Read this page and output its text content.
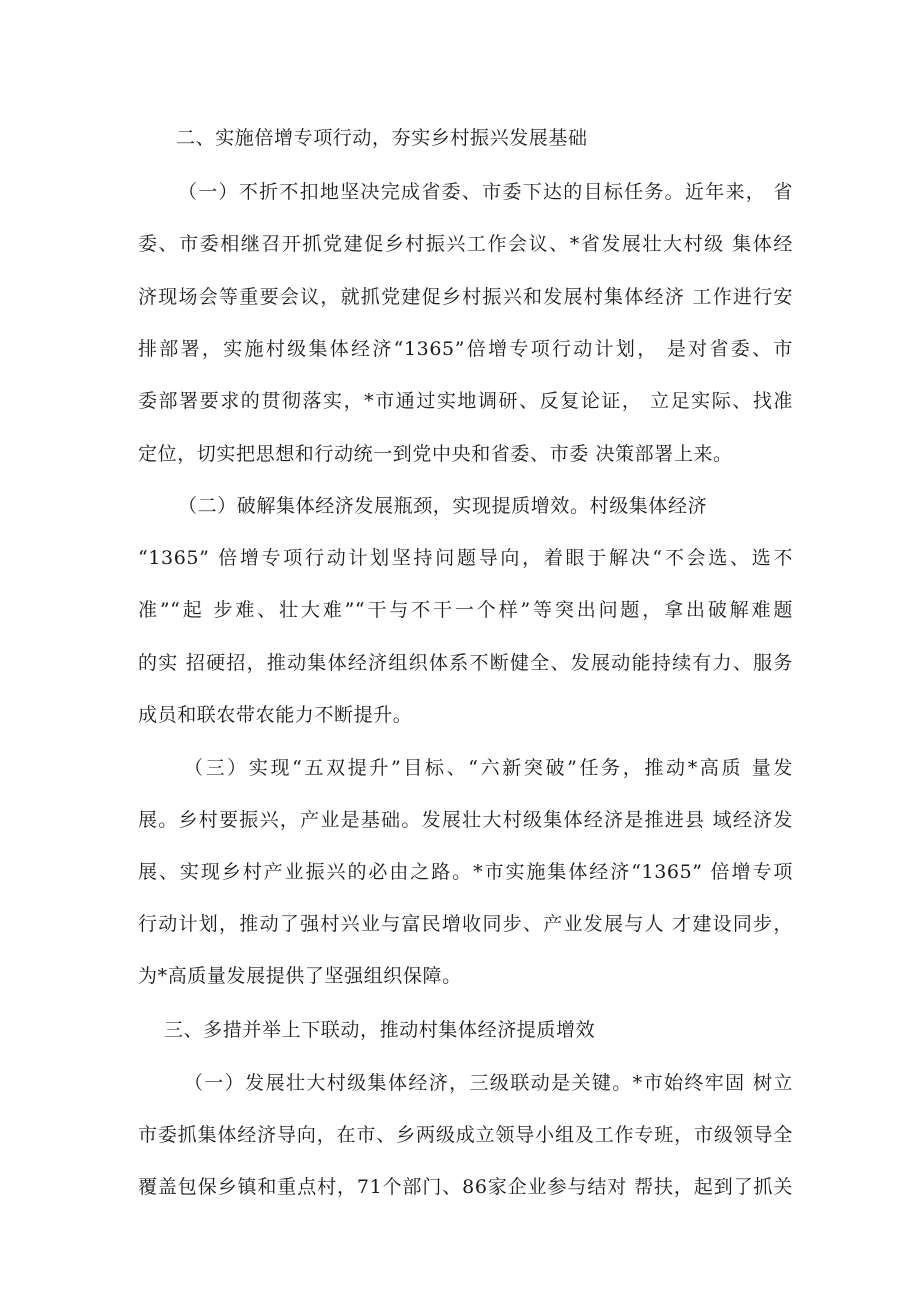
二、实施倍增专项行动，夯实乡村振兴发展基础
（一）不折不扣地坚决完成省委、市委下达的目标任务。近年来， 省
委、市委相继召开抓党建促乡村振兴工作会议、*省发展壮大村级 集体经
济现场会等重要会议，就抓党建促乡村振兴和发展村集体经济 工作进行安
排部署，实施村级集体经济“1365”倍增专项行动计划， 是对省委、市
委部署要求的贯彻落实，*市通过实地调研、反复论证， 立足实际、找准
定位，切实把思想和行动统一到党中央和省委、市委 决策部署上来。
（二）破解集体经济发展瓶颈，实现提质增效。村级集体经济
“1365” 倍增专项行动计划坚持问题导向，着眼于解决“不会选、选不
准”“起 步难、壮大难”“干与不干一个样”等突出问题，拿出破解难题
的实 招硬招，推动集体经济组织体系不断健全、发展动能持续有力、服务
成员和联农带农能力不断提升。
（三）实现“五双提升”目标、“六新突破”任务，推动*高质 量发
展。乡村要振兴，产业是基础。发展壮大村级集体经济是推进县 域经济发
展、实现乡村产业振兴的必由之路。*市实施集体经济“1365” 倍增专项
行动计划，推动了强村兴业与富民增收同步、产业发展与人 才建设同步，
为*高质量发展提供了坚强组织保障。
三、多措并举上下联动，推动村集体经济提质增效
（一）发展壮大村级集体经济，三级联动是关键。*市始终牢固 树立
市委抓集体经济导向，在市、乡两级成立领导小组及工作专班，市级领导全
覆盖包保乡镇和重点村，71个部门、86家企业参与结对 帮扶，起到了抓关
